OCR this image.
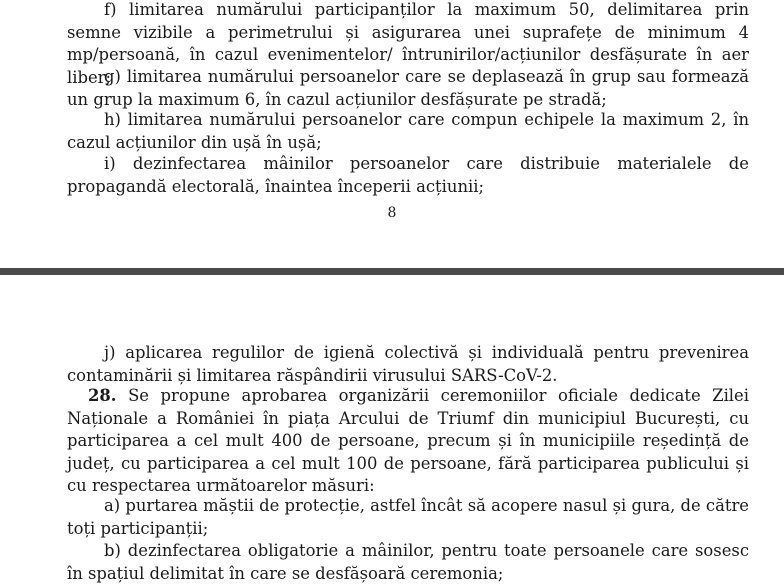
f) limitarea numărului participanților la maximum 50, delimitarea prin semne vizibile a perimetrului și asigurarea unei suprafețe de minimum 4 mp/persoană, în cazul evenimentelor/ întrunirilor/acțiunilor desfășurate în aer liber;

g) limitarea numărului persoanelor care se deplasează în grup sau formează un grup la maximum 6, în cazul acțiunilor desfășurate pe stradă;

h) limitarea numărului persoanelor care compun echipele la maximum 2, în cazul acțiunilor din ușă în ușă;

i) dezinfectarea mâinilor persoanelor care distribuie materialele de propagandă electorală, înaintea începerii acțiunii;

8

j) aplicarea regulilor de igienă colectivă și individuală pentru prevenirea contaminării și limitarea răspândirii virusului SARS-CoV-2.

28. Se propune aprobarea organizării ceremoniilor oficiale dedicate Zilei Naționale a României în piața Arcului de Triumf din municipiul București, cu participarea a cel mult 400 de persoane, precum și în municipiile reședință de județ, cu participarea a cel mult 100 de persoane, fără participarea publicului și cu respectarea următoarelor măsuri:

a) purtarea măștii de protecție, astfel încât să acopere nasul și gura, de către toți participanții;

b) dezinfectarea obligatorie a mâinilor, pentru toate persoanele care sosesc în spațiul delimitat în care se desfășoară ceremonia;
